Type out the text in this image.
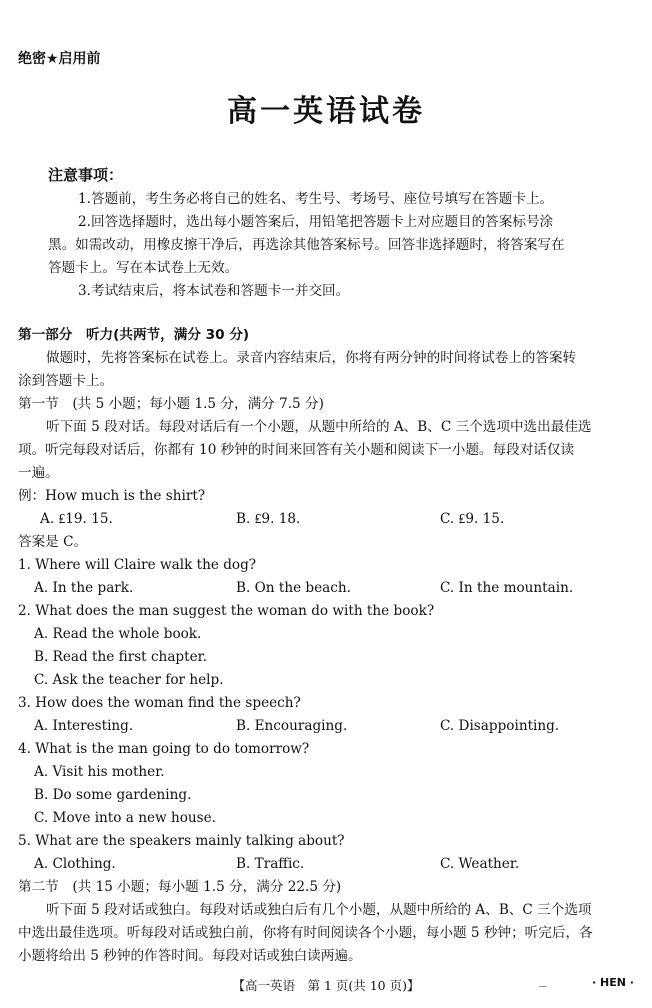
绝密★启用前
高一英语试卷
注意事项：
1.答题前，考生务必将自己的姓名、考生号、考场号、座位号填写在答题卡上。
2.回答选择题时，选出每小题答案后，用铅笔把答题卡上对应题目的答案标号涂
黑。如需改动，用橡皮擦干净后，再选涂其他答案标号。回答非选择题时，将答案写在
答题卡上。写在本试卷上无效。
3.考试结束后，将本试卷和答题卡一并交回。
第一部分　听力(共两节，满分 30 分)
做题时，先将答案标在试卷上。录音内容结束后，你将有两分钟的时间将试卷上的答案转
涂到答题卡上。
第一节　(共 5 小题；每小题 1.5 分，满分 7.5 分)
听下面 5 段对话。每段对话后有一个小题，从题中所给的 A、B、C 三个选项中选出最佳选
项。听完每段对话后，你都有 10 秒钟的时间来回答有关小题和阅读下一小题。每段对话仅读
一遍。
例：How much is the shirt?
A. ₤19. 15.	B. ₤9. 18.	C. ₤9. 15.
答案是 C。
1. Where will Claire walk the dog?
A. In the park.	B. On the beach.	C. In the mountain.
2. What does the man suggest the woman do with the book?
A. Read the whole book.
B. Read the first chapter.
C. Ask the teacher for help.
3. How does the woman find the speech?
A. Interesting.	B. Encouraging.	C. Disappointing.
4. What is the man going to do tomorrow?
A. Visit his mother.
B. Do some gardening.
C. Move into a new house.
5. What are the speakers mainly talking about?
A. Clothing.	B. Traffic.	C. Weather.
第二节　(共 15 小题；每小题 1.5 分，满分 22.5 分)
听下面 5 段对话或独白。每段对话或独白后有几个小题，从题中所给的 A、B、C 三个选项
中选出最佳选项。听每段对话或独白前，你将有时间阅读各个小题，每小题 5 秒钟；听完后，各
小题将给出 5 秒钟的作答时间。每段对话或独白读两遍。
【高一英语　第 1 页(共 10 页)】	－	· HEN ·
